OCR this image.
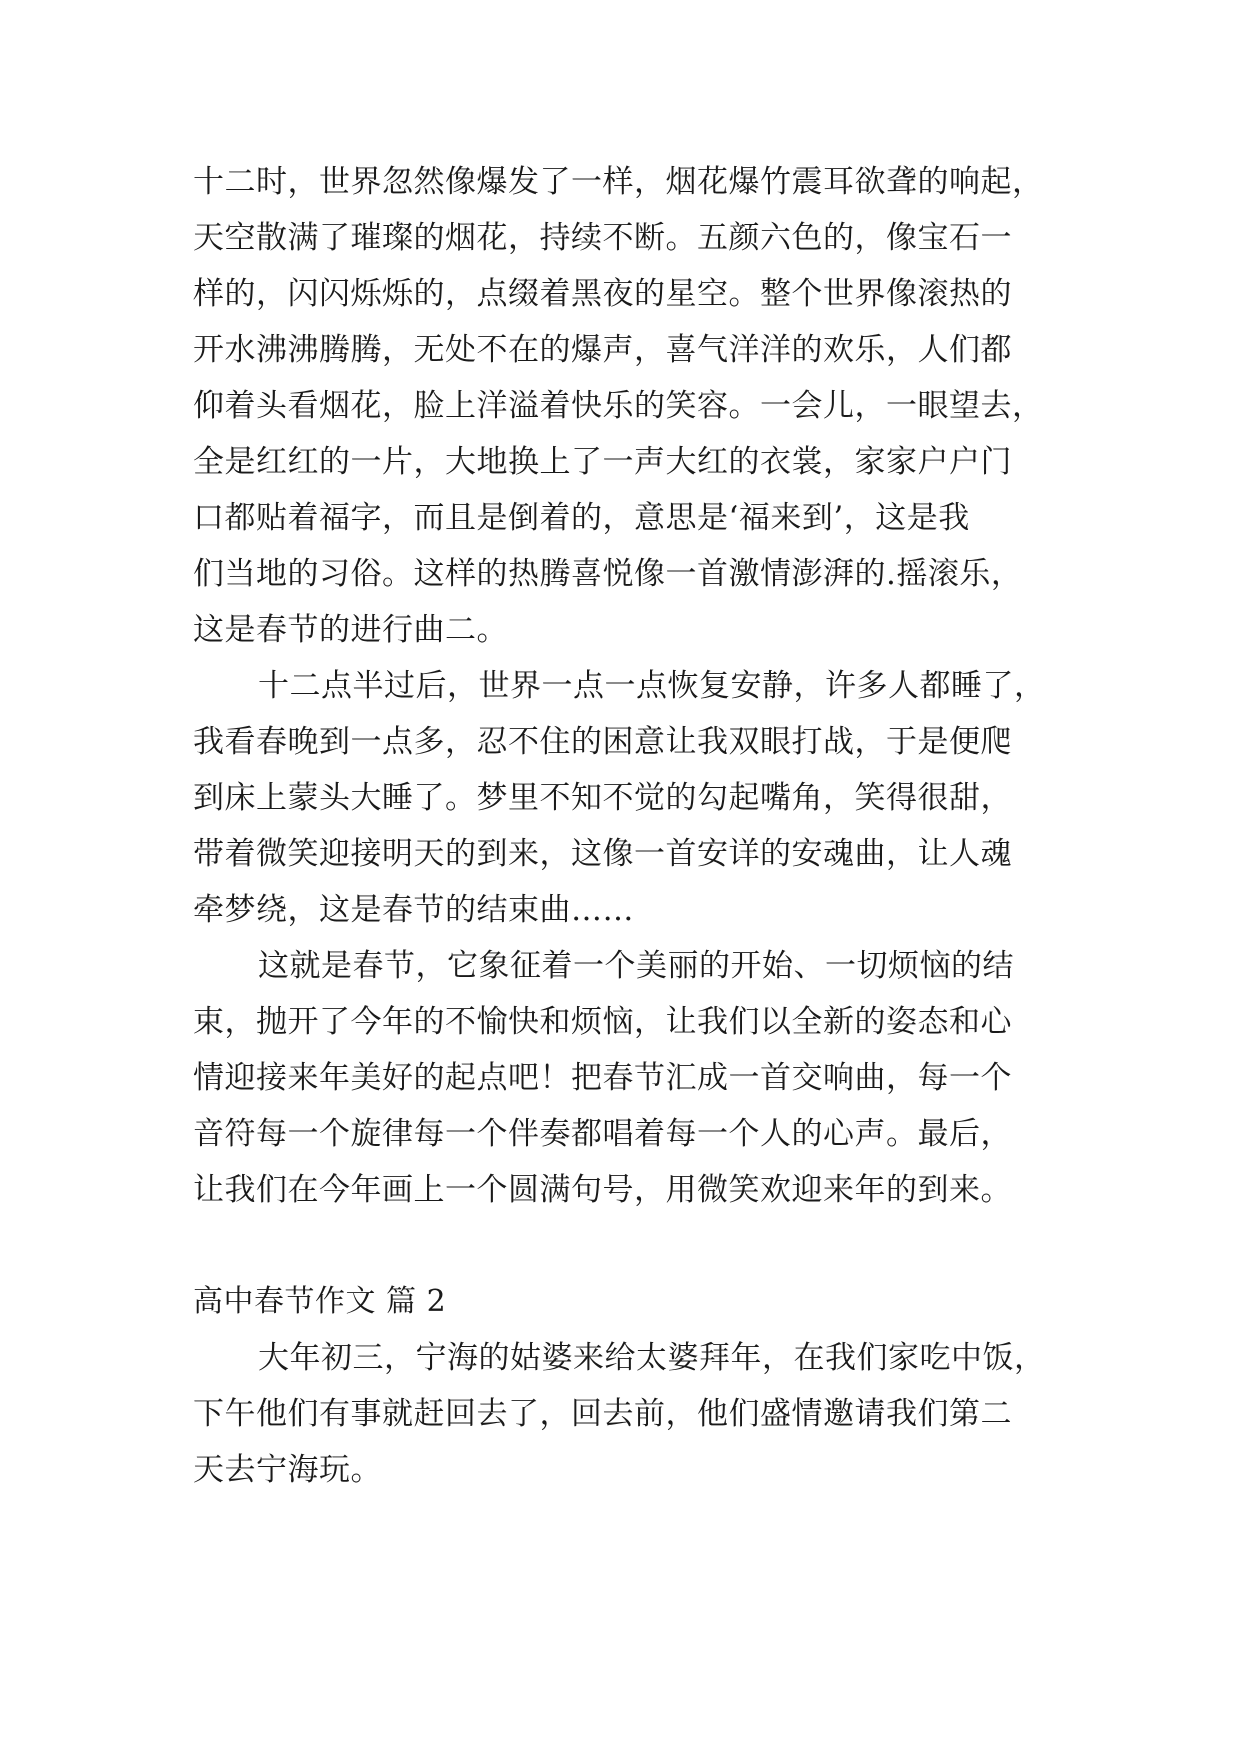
十二时，世界忽然像爆发了一样，烟花爆竹震耳欲聋的响起，
天空散满了璀璨的烟花，持续不断。五颜六色的，像宝石一
样的，闪闪烁烁的，点缀着黑夜的星空。整个世界像滚热的
开水沸沸腾腾，无处不在的爆声，喜气洋洋的欢乐，人们都
仰着头看烟花，脸上洋溢着快乐的笑容。一会儿，一眼望去，
全是红红的一片，大地换上了一声大红的衣裳，家家户户门
口都贴着福字，而且是倒着的，意思是‘福来到’，这是我
们当地的习俗。这样的热腾喜悦像一首激情澎湃的.摇滚乐，
这是春节的进行曲二。
十二点半过后，世界一点一点恢复安静，许多人都睡了，
我看春晚到一点多，忍不住的困意让我双眼打战，于是便爬
到床上蒙头大睡了。梦里不知不觉的勾起嘴角，笑得很甜，
带着微笑迎接明天的到来，这像一首安详的安魂曲，让人魂
牵梦绕，这是春节的结束曲……
这就是春节，它象征着一个美丽的开始、一切烦恼的结
束，抛开了今年的不愉快和烦恼，让我们以全新的姿态和心
情迎接来年美好的起点吧！把春节汇成一首交响曲，每一个
音符每一个旋律每一个伴奏都唱着每一个人的心声。最后，
让我们在今年画上一个圆满句号，用微笑欢迎来年的到来。
高中春节作文 篇 2
大年初三，宁海的姑婆来给太婆拜年，在我们家吃中饭，
下午他们有事就赶回去了，回去前，他们盛情邀请我们第二
天去宁海玩。
